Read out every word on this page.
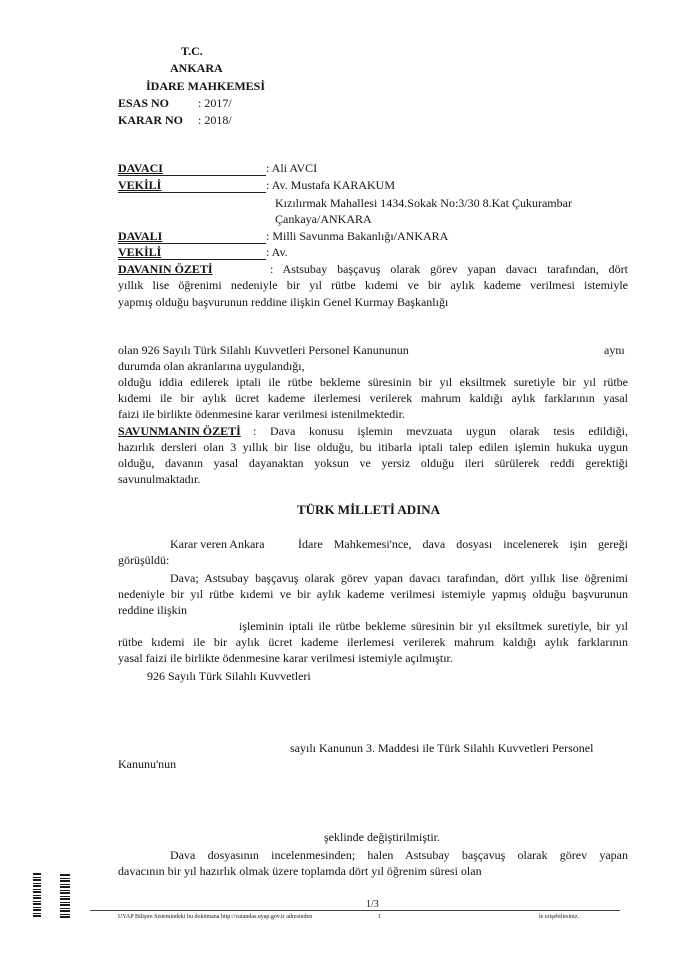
T.C.
ANKARA
İDARE MAHKEMESİ
ESAS NO : 2017/
KARAR NO : 2018/
DAVACI	: Ali AVCI
VEKİLİ	: Av. Mustafa KARAKUM
Kızılırmak Mahallesi 1434.Sokak No:3/30 8.Kat Çukurambar
Çankaya/ANKARA
DAVALI	: Milli Savunma Bakanlığı/ANKARA
VEKİLİ	: Av.
DAVANIN ÖZETİ	: Astsubay başçavuş olarak görev yapan davacı tarafından, dört
yıllık lise öğrenimi nedeniyle bir yıl rütbe kıdemi ve bir aylık kademe verilmesi istemiyle
yapmış olduğu başvurunun reddine ilişkin Genel Kurmay Başkanlığı
olan 926 Sayılı Türk Silahlı Kuvvetleri Personel Kanununun	aynı
durumda olan akranlarına uygulandığı,
olduğu iddia edilerek iptali ile rütbe bekleme süresinin bir yıl eksiltmek suretiyle bir yıl rütbe
kıdemi ile bir aylık ücret kademe ilerlemesi verilerek mahrum kaldığı aylık farklarının yasal
faizi ile birlikte ödenmesine karar verilmesi istenilmektedir.
SAVUNMANIN ÖZETİ : Dava konusu işlemin mevzuata uygun olarak tesis edildiği,
hazırlık dersleri olan 3 yıllık bir lise olduğu, bu itibarla iptali talep edilen işlemin hukuka uygun
olduğu, davanın yasal dayanaktan yoksun ve yersiz olduğu ileri sürülerek reddi gerektiği
savunulmaktadır.
TÜRK MİLLETİ ADINA
Karar veren Ankara	İdare Mahkemesi'nce, dava dosyası incelenerek işin gereği
görüşüldü:
Dava; Astsubay başçavuş olarak görev yapan davacı tarafından, dört yıllık lise öğrenimi
nedeniyle bir yıl rütbe kıdemi ve bir aylık kademe verilmesi istemiyle yapmış olduğu başvurunun
reddine ilişkin
işleminin iptali ile rütbe bekleme süresinin bir yıl eksiltmek suretiyle, bir yıl
rütbe kıdemi ile bir aylık ücret kademe ilerlemesi verilerek mahrum kaldığı aylık farklarının
yasal faizi ile birlikte ödenmesine karar verilmesi istemiyle açılmıştır.
926 Sayılı Türk Silahlı Kuvvetleri
sayılı Kanunun 3. Maddesi ile Türk Silahlı Kuvvetleri Personel
Kanunu'nun
şeklinde değiştirilmiştir.
Dava dosyasının incelenmesinden; halen Astsubay başçavuş olarak görev yapan
davacının bir yıl hazırlık olmak üzere toplamda dört yıl öğrenim süresi olan
1/3
UYAP Bilişim Sistemindeki bu dokümana http://vatandas.uyap.gov.tr adresinden	1	le erişebilirsiniz.
